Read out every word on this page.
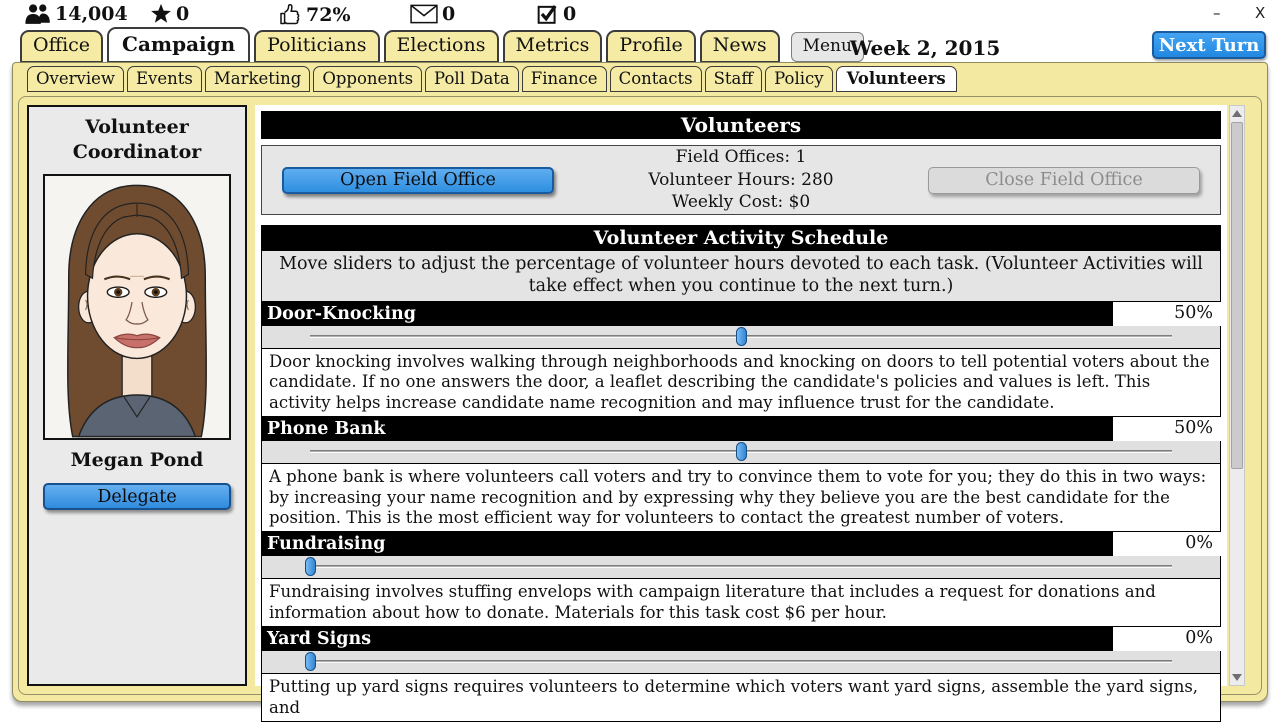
14,004	0	72%	0	0	– X
Office	Campaign	Politicians	Elections	Metrics	Profile	News	Menu
Week 2, 2015	Next Turn
Overview	Events	Marketing	Opponents	Poll Data	Finance	Contacts	Staff	Policy	Volunteers
Volunteer
Coordinator
Megan Pond
Delegate
Volunteers
Open Field Office
Field Offices: 1
Volunteer Hours: 280
Weekly Cost: $0
Close Field Office
Volunteer Activity Schedule
Move sliders to adjust the percentage of volunteer hours devoted to each task. (Volunteer Activities will take effect when you continue to the next turn.)
Door-Knocking	50%
Door knocking involves walking through neighborhoods and knocking on doors to tell potential voters about the candidate. If no one answers the door, a leaflet describing the candidate's policies and values is left. This activity helps increase candidate name recognition and may influence trust for the candidate.
Phone Bank	50%
A phone bank is where volunteers call voters and try to convince them to vote for you; they do this in two ways: by increasing your name recognition and by expressing why they believe you are the best candidate for the position. This is the most efficient way for volunteers to contact the greatest number of voters.
Fundraising	0%
Fundraising involves stuffing envelops with campaign literature that includes a request for donations and information about how to donate. Materials for this task cost $6 per hour.
Yard Signs	0%
Putting up yard signs requires volunteers to determine which voters want yard signs, assemble the yard signs, and
